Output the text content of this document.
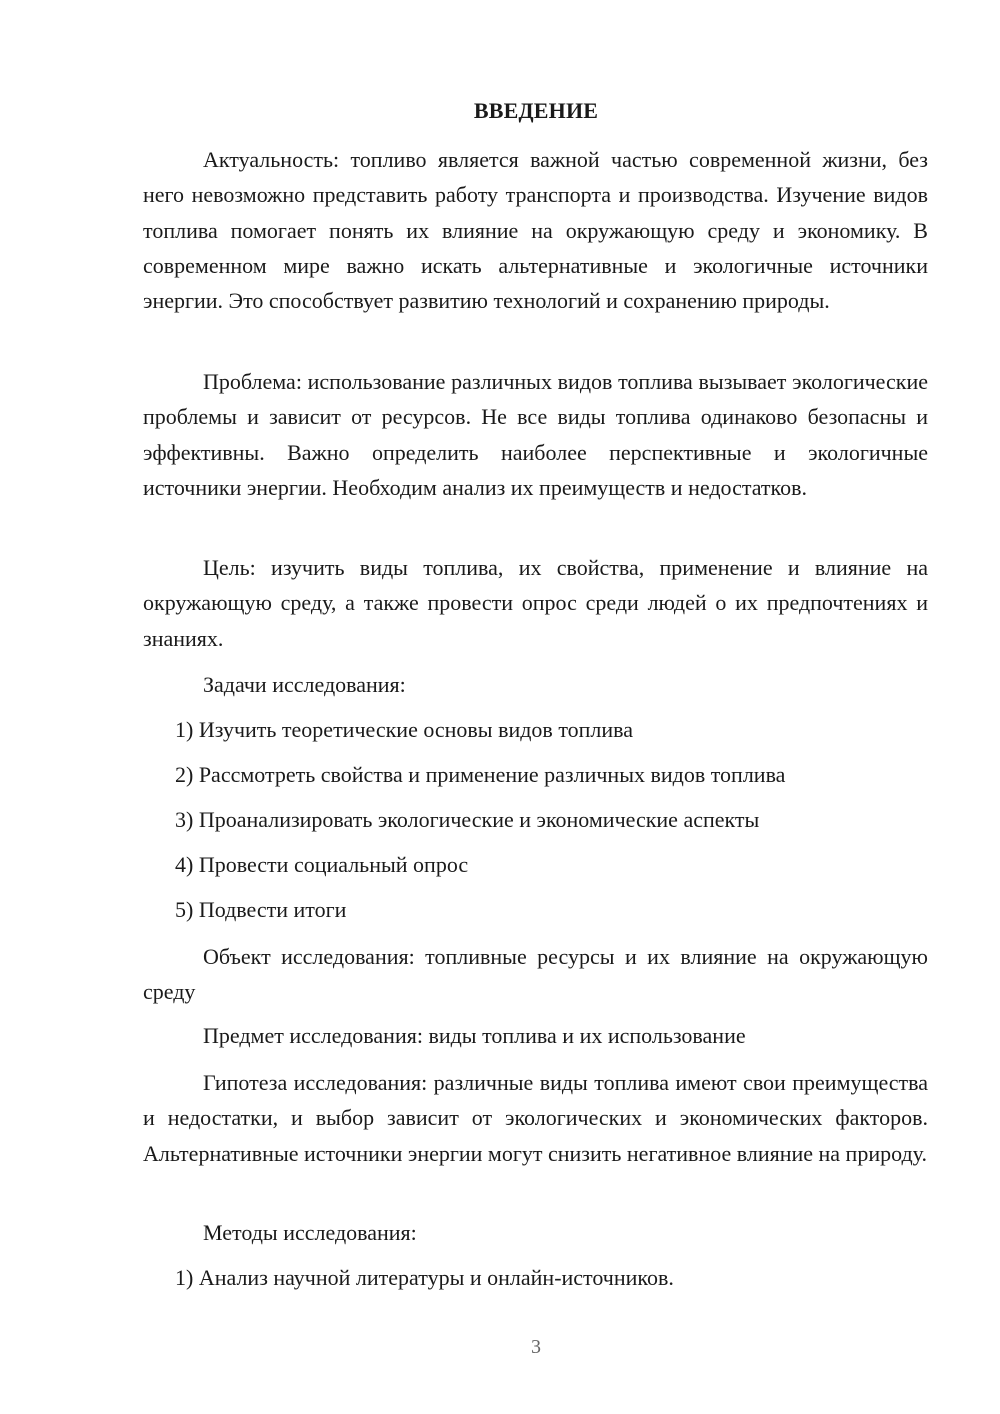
ВВЕДЕНИЕ

Актуальность: топливо является важной частью современной жизни, без него невозможно представить работу транспорта и производства. Изучение видов топлива помогает понять их влияние на окружающую среду и экономику. В современном мире важно искать альтернативные и экологичные источники энергии. Это способствует развитию технологий и сохранению природы.

Проблема: использование различных видов топлива вызывает экологические проблемы и зависит от ресурсов. Не все виды топлива одинаково безопасны и эффективны. Важно определить наиболее перспективные и экологичные источники энергии. Необходим анализ их преимуществ и недостатков.

Цель: изучить виды топлива, их свойства, применение и влияние на окружающую среду, а также провести опрос среди людей о их предпочтениях и знаниях.

Задачи исследования:

1) Изучить теоретические основы видов топлива

2) Рассмотреть свойства и применение различных видов топлива

3) Проанализировать экологические и экономические аспекты

4) Провести социальный опрос

5) Подвести итоги

Объект исследования: топливные ресурсы и их влияние на окружающую среду

Предмет исследования: виды топлива и их использование

Гипотеза исследования: различные виды топлива имеют свои преимущества и недостатки, и выбор зависит от экологических и экономических факторов. Альтернативные источники энергии могут снизить негативное влияние на природу.

Методы исследования:

1) Анализ научной литературы и онлайн-источников.

3
